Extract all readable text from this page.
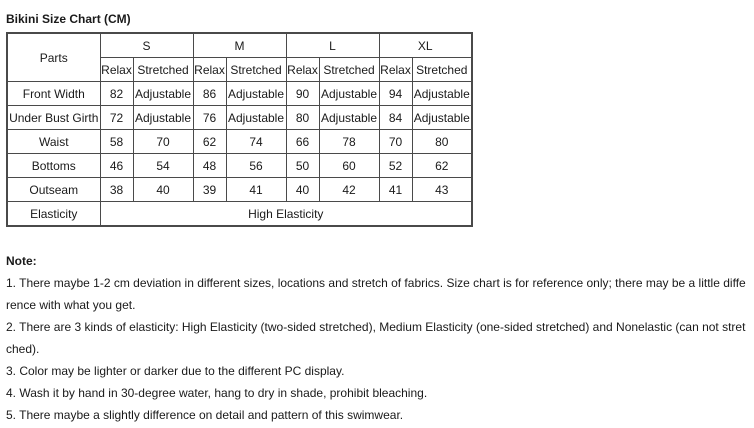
Bikini Size Chart (CM)
Parts	S		M		L		XL	
	Relax	Stretched	Relax	Stretched	Relax	Stretched	Relax	Stretched
Front Width	82	Adjustable	86	Adjustable	90	Adjustable	94	Adjustable
Under Bust Girth	72	Adjustable	76	Adjustable	80	Adjustable	84	Adjustable
Waist	58	70	62	74	66	78	70	80
Bottoms	46	54	48	56	50	60	52	62
Outseam	38	40	39	41	40	42	41	43
Elasticity	High Elasticity							
Note:
1. There maybe 1-2 cm deviation in different sizes, locations and stretch of fabrics. Size chart is for reference only; there may be a little diffe
rence with what you get.
2. There are 3 kinds of elasticity: High Elasticity (two-sided stretched), Medium Elasticity (one-sided stretched) and Nonelastic (can not stret
ched).
3. Color may be lighter or darker due to the different PC display.
4. Wash it by hand in 30-degree water, hang to dry in shade, prohibit bleaching.
5. There maybe a slightly difference on detail and pattern of this swimwear.
